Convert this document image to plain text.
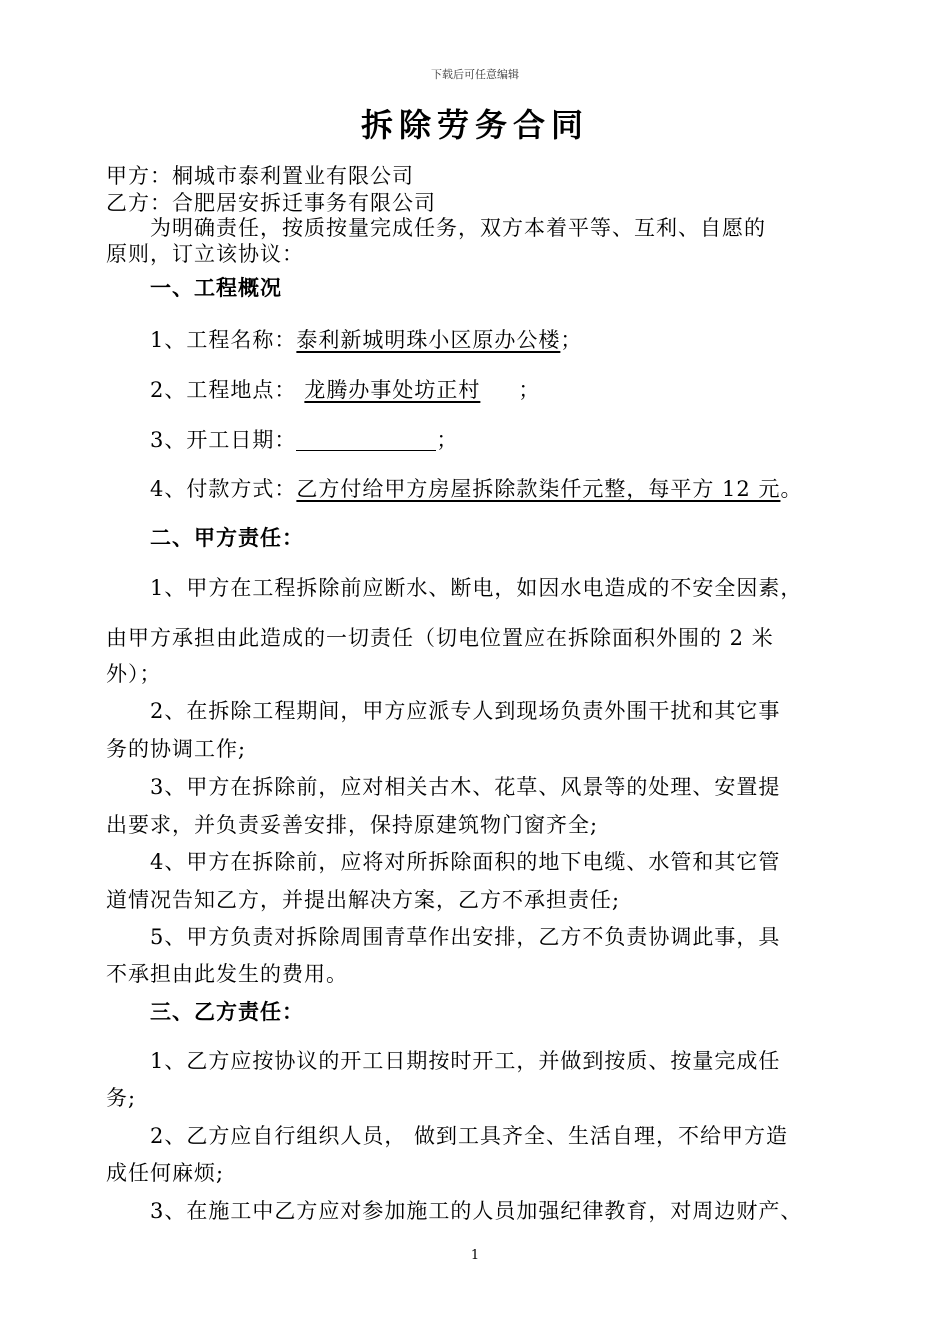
下载后可任意编辑
拆除劳务合同
甲方：桐城市泰利置业有限公司
乙方：合肥居安拆迁事务有限公司
为明确责任，按质按量完成任务，双方本着平等、互利、自愿的
原则，订立该协议：
一、工程概况
1、工程名称：泰利新城明珠小区原办公楼；
2、工程地点： 龙腾办事处坊正村 ；
3、开工日期：	；
4、付款方式：乙方付给甲方房屋拆除款柒仟元整，每平方 12 元。
二、甲方责任：
1、甲方在工程拆除前应断水、断电，如因水电造成的不安全因素，
由甲方承担由此造成的一切责任（切电位置应在拆除面积外围的 2 米
外）；
2、在拆除工程期间，甲方应派专人到现场负责外围干扰和其它事
务的协调工作;
3、甲方在拆除前，应对相关古木、花草、风景等的处理、安置提
出要求，并负责妥善安排，保持原建筑物门窗齐全;
4、甲方在拆除前，应将对所拆除面积的地下电缆、水管和其它管
道情况告知乙方，并提出解决方案，乙方不承担责任;
5、甲方负责对拆除周围青草作出安排，乙方不负责协调此事，具
不承担由此发生的费用。
三、乙方责任：
1、乙方应按协议的开工日期按时开工，并做到按质、按量完成任
务;
2、乙方应自行组织人员， 做到工具齐全、生活自理，不给甲方造
成任何麻烦;
3、在施工中乙方应对参加施工的人员加强纪律教育，对周边财产、
1
